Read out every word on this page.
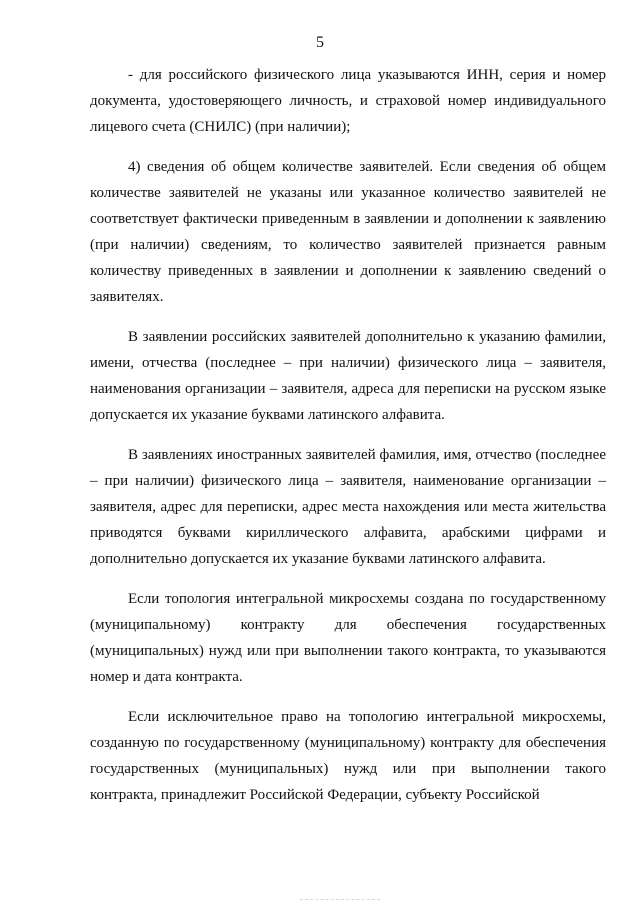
5

- для российского физического лица указываются ИНН, серия и номер документа, удостоверяющего личность, и страховой номер индивидуального лицевого счета (СНИЛС) (при наличии);

4) сведения об общем количестве заявителей. Если сведения об общем количестве заявителей не указаны или указанное количество заявителей не соответствует фактически приведенным в заявлении и дополнении к заявлению (при наличии) сведениям, то количество заявителей признается равным количеству приведенных в заявлении и дополнении к заявлению сведений о заявителях.

В заявлении российских заявителей дополнительно к указанию фамилии, имени, отчества (последнее – при наличии) физического лица – заявителя, наименования организации – заявителя, адреса для переписки на русском языке допускается их указание буквами латинского алфавита.

В заявлениях иностранных заявителей фамилия, имя, отчество (последнее – при наличии) физического лица – заявителя, наименование организации – заявителя, адрес для переписки, адрес места нахождения или места жительства приводятся буквами кириллического алфавита, арабскими цифрами и дополнительно допускается их указание буквами латинского алфавита.

Если топология интегральной микросхемы создана по государственному (муниципальному) контракту для обеспечения государственных (муниципальных) нужд или при выполнении такого контракта, то указываются номер и дата контракта.

Если исключительное право на топологию интегральной микросхемы, созданную по государственному (муниципальному) контракту для обеспечения государственных (муниципальных) нужд или при выполнении такого контракта, принадлежит Российской Федерации, субъекту Российской
